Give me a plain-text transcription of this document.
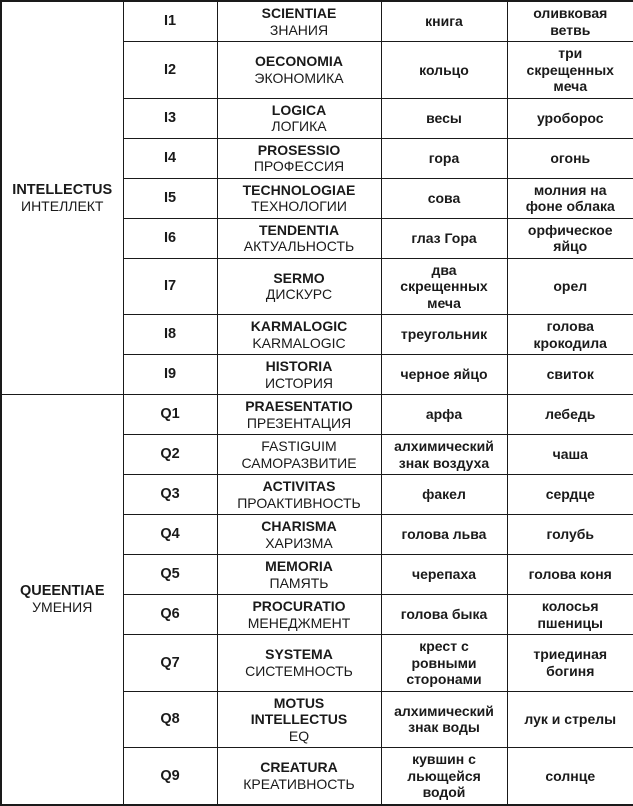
INTELLECTUS
ИНТЕЛЛЕКТ
	I1	
SCIENTIAE
ЗНАНИЯ
	книга	оливковая ветвь
	I2	OECONOMIA
ЭКОНОМИКА	кольцо	три скрещенных меча
	I3	LOGICA
ЛОГИКА	весы	уроборос
	I4	PROSESSIO
ПРОФЕССИЯ	гора	огонь
	I5	TECHNOLOGIAE
ТЕХНОЛОГИИ	сова	молния на фоне облака
	I6	TENDENTIA
АКТУАЛЬНОСТЬ	глаз Гора	орфическое яйцо
	I7	SERMO
ДИСКУРС	два скрещенных меча	орел
	I8	KARMALOGIC
KARMALOGIC	треугольник	голова крокодила
	I9	HISTORIA
ИСТОРИЯ	черное яйцо	свиток

QUEENTIAE
УМЕНИЯ
	Q1	
PRAESENTATIO
ПРЕЗЕНТАЦИЯ
	арфа	лебедь
	Q2	FASTIGUIM
САМОРАЗВИТИЕ	алхимический знак воздуха	чаша
	Q3	ACTIVITAS
ПРОАКТИВНОСТЬ	факел	сердце
	Q4	CHARISMA
ХАРИЗМА	голова льва	голубь
	Q5	MEMORIA
ПАМЯТЬ	черепаха	голова коня
	Q6	PROCURATIO
МЕНЕДЖМЕНТ	голова быка	колосья пшеницы
	Q7	SYSTEMA
СИСТЕМНОСТЬ	крест с ровными сторонами	триединая богиня
	Q8	MOTUS INTELLECTUS
EQ	алхимический знак воды	лук и стрелы
	Q9	CREATURA
КРЕАТИВНОСТЬ	кувшин с льющейся водой	солнце
